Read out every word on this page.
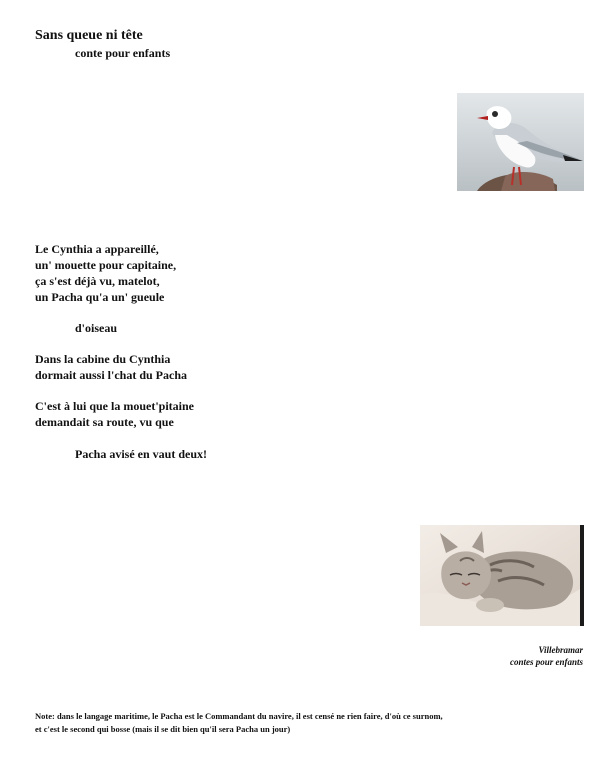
Sans queue ni tête
conte pour enfants
Le Cynthia a appareillé,
un' mouette pour capitaine,
ça s'est déjà vu, matelot,
un Pacha qu'a un' gueule
d'oiseau
Dans la cabine du Cynthia
dormait aussi l'chat du Pacha
C'est à lui que la mouet'pitaine
demandait sa route, vu que
Pacha avisé en vaut deux!
Villebramar
contes pour enfants
Note: dans le langage maritime, le Pacha est le Commandant du navire, il est censé ne rien faire, d'où ce surnom,
et c'est le second qui bosse (mais il se dit bien qu'il sera Pacha un jour)
